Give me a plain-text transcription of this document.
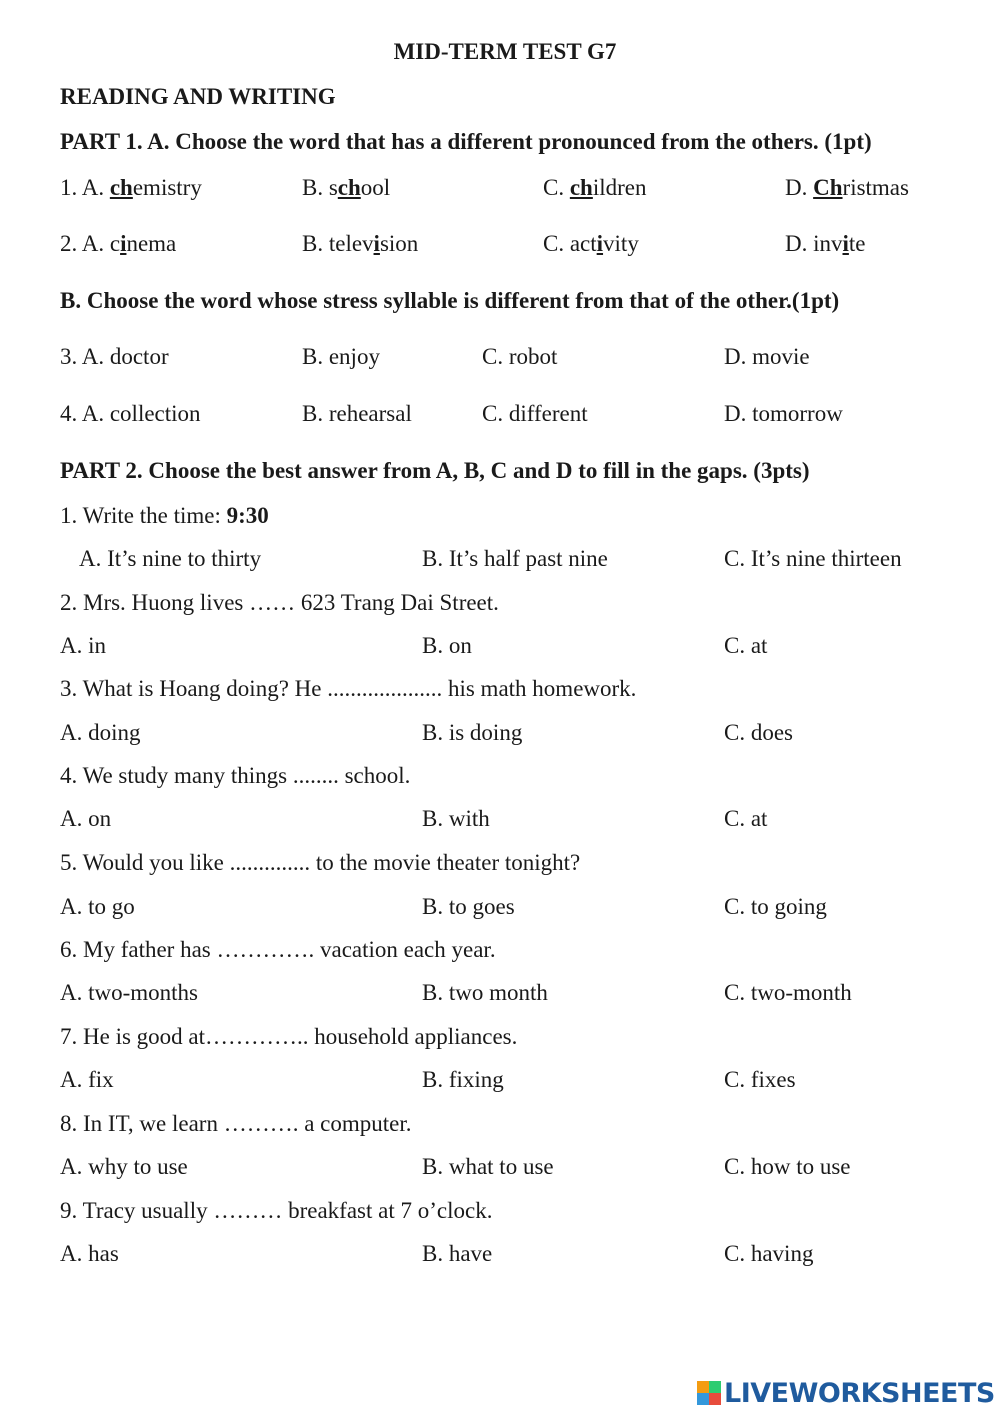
MID-TERM TEST G7
READING AND WRITING
PART 1. A. Choose the word that has a different pronounced from the others. (1pt)
1. A. chemistry	B. school	C. children	D. Christmas
2. A. cinema	B. television	C. activity	D. invite
B. Choose the word whose stress syllable is different from that of the other.(1pt)
3. A. doctor	B. enjoy	C. robot	D. movie
4. A. collection	B. rehearsal	C. different	D. tomorrow
PART 2. Choose the best answer from A, B, C and D to fill in the gaps. (3pts)
1. Write the time: 9:30
A. It’s nine to thirty	B. It’s half past nine	C. It’s nine thirteen
2. Mrs. Huong lives …… 623 Trang Dai Street.
A. in	B. on	C. at
3. What is Hoang doing? He .................... his math homework.
A. doing	B. is doing	C. does
4. We study many things ........ school.
A. on	B. with	C. at
5. Would you like .............. to the movie theater tonight?
A. to go	B. to goes	C. to going
6. My father has …………. vacation each year.
A. two-months	B. two month	C. two-month
7. He is good at………….. household appliances.
A. fix	B. fixing	C. fixes
8. In IT, we learn ………. a computer.
A. why to use	B. what to use	C. how to use
9. Tracy usually ……… breakfast at 7 o’clock.
A. has	B. have	C. having
LIVEWORKSHEETS
